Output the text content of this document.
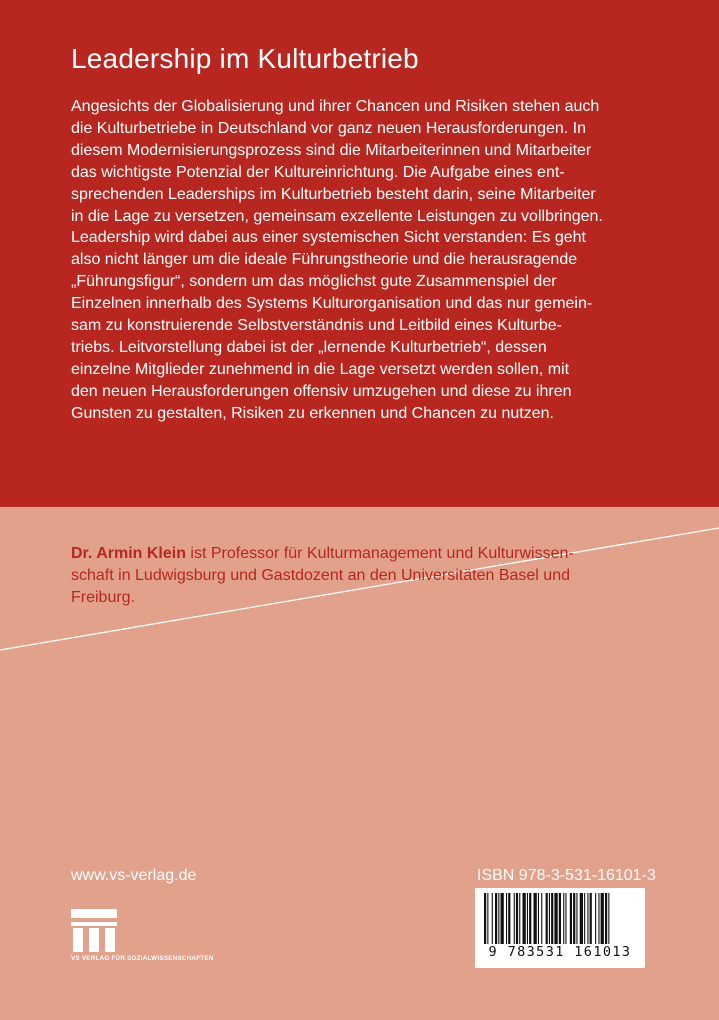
Leadership im Kulturbetrieb
Angesichts der Globalisierung und ihrer Chancen und Risiken stehen auch
die Kulturbetriebe in Deutschland vor ganz neuen Herausforderungen. In
diesem Modernisierungsprozess sind die Mitarbeiterinnen und Mitarbeiter
das wichtigste Potenzial der Kultureinrichtung. Die Aufgabe eines ent-
sprechenden Leaderships im Kulturbetrieb besteht darin, seine Mitarbeiter
in die Lage zu versetzen, gemeinsam exzellente Leistungen zu vollbringen.
Leadership wird dabei aus einer systemischen Sicht verstanden: Es geht
also nicht länger um die ideale Führungstheorie und die herausragende
„Führungsfigur“, sondern um das möglichst gute Zusammenspiel der
Einzelnen innerhalb des Systems Kulturorganisation und das nur gemein-
sam zu konstruierende Selbstverständnis und Leitbild eines Kulturbe-
triebs. Leitvorstellung dabei ist der „lernende Kulturbetrieb“, dessen
einzelne Mitglieder zunehmend in die Lage versetzt werden sollen, mit
den neuen Herausforderungen offensiv umzugehen und diese zu ihren
Gunsten zu gestalten, Risiken zu erkennen und Chancen zu nutzen.
Dr. Armin Klein ist Professor für Kulturmanagement und Kulturwissen-
schaft in Ludwigsburg und Gastdozent an den Universitäten Basel und
Freiburg.

www.vs-verlag.de

VS VERLAG FÜR SOZIALWISSENSCHAFTEN

ISBN 978-3-531-16101-3

9 783531 161013
